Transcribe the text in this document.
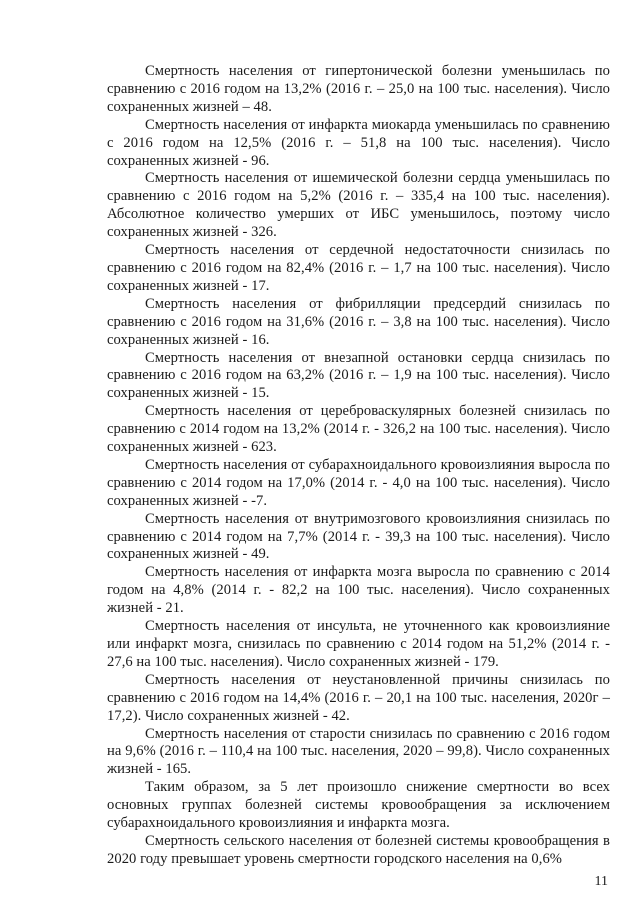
Смертность населения от гипертонической болезни уменьшилась по сравнению с 2016 годом на 13,2% (2016 г. – 25,0 на 100 тыс. населения). Число сохраненных жизней – 48.

Смертность населения от инфаркта миокарда уменьшилась по сравнению с 2016 годом на 12,5% (2016 г. – 51,8 на 100 тыс. населения). Число сохраненных жизней - 96.

Смертность населения от ишемической болезни сердца уменьшилась по сравнению с 2016 годом на 5,2% (2016 г. – 335,4 на 100 тыс. населения). Абсолютное количество умерших от ИБС уменьшилось, поэтому число сохраненных жизней - 326.

Смертность населения от сердечной недостаточности снизилась по сравнению с 2016 годом на 82,4% (2016 г. – 1,7 на 100 тыс. населения). Число сохраненных жизней - 17.

Смертность населения от фибрилляции предсердий снизилась по сравнению с 2016 годом на 31,6% (2016 г. – 3,8 на 100 тыс. населения). Число сохраненных жизней - 16.

Смертность населения от внезапной остановки сердца снизилась по сравнению с 2016 годом на 63,2% (2016 г. – 1,9 на 100 тыс. населения). Число сохраненных жизней - 15.

Смертность населения от цереброваскулярных болезней снизилась по сравнению с 2014 годом на 13,2% (2014 г. - 326,2 на 100 тыс. населения). Число сохраненных жизней - 623.

Смертность населения от субарахноидального кровоизлияния выросла по сравнению с 2014 годом на 17,0% (2014 г. - 4,0 на 100 тыс. населения). Число сохраненных жизней - -7.

Смертность населения от внутримозгового кровоизлияния снизилась по сравнению с 2014 годом на 7,7% (2014 г. - 39,3 на 100 тыс. населения). Число сохраненных жизней - 49.

Смертность населения от инфаркта мозга выросла по сравнению с 2014 годом на 4,8% (2014 г. - 82,2 на 100 тыс. населения). Число сохраненных жизней - 21.

Смертность населения от инсульта, не уточненного как кровоизлияние или инфаркт мозга, снизилась по сравнению с 2014 годом на 51,2% (2014 г. - 27,6 на 100 тыс. населения). Число сохраненных жизней - 179.

Смертность населения от неустановленной причины снизилась по сравнению с 2016 годом на 14,4% (2016 г. – 20,1 на 100 тыс. населения, 2020г – 17,2). Число сохраненных жизней - 42.

Смертность населения от старости снизилась по сравнению с 2016 годом на 9,6% (2016 г. – 110,4 на 100 тыс. населения, 2020 – 99,8). Число сохраненных жизней - 165.

Таким образом, за 5 лет произошло снижение смертности во всех основных группах болезней системы кровообращения за исключением субарахноидального кровоизлияния и инфаркта мозга.

Смертность сельского населения от болезней системы кровообращения в 2020 году превышает уровень смертности городского населения на 0,6%

11
